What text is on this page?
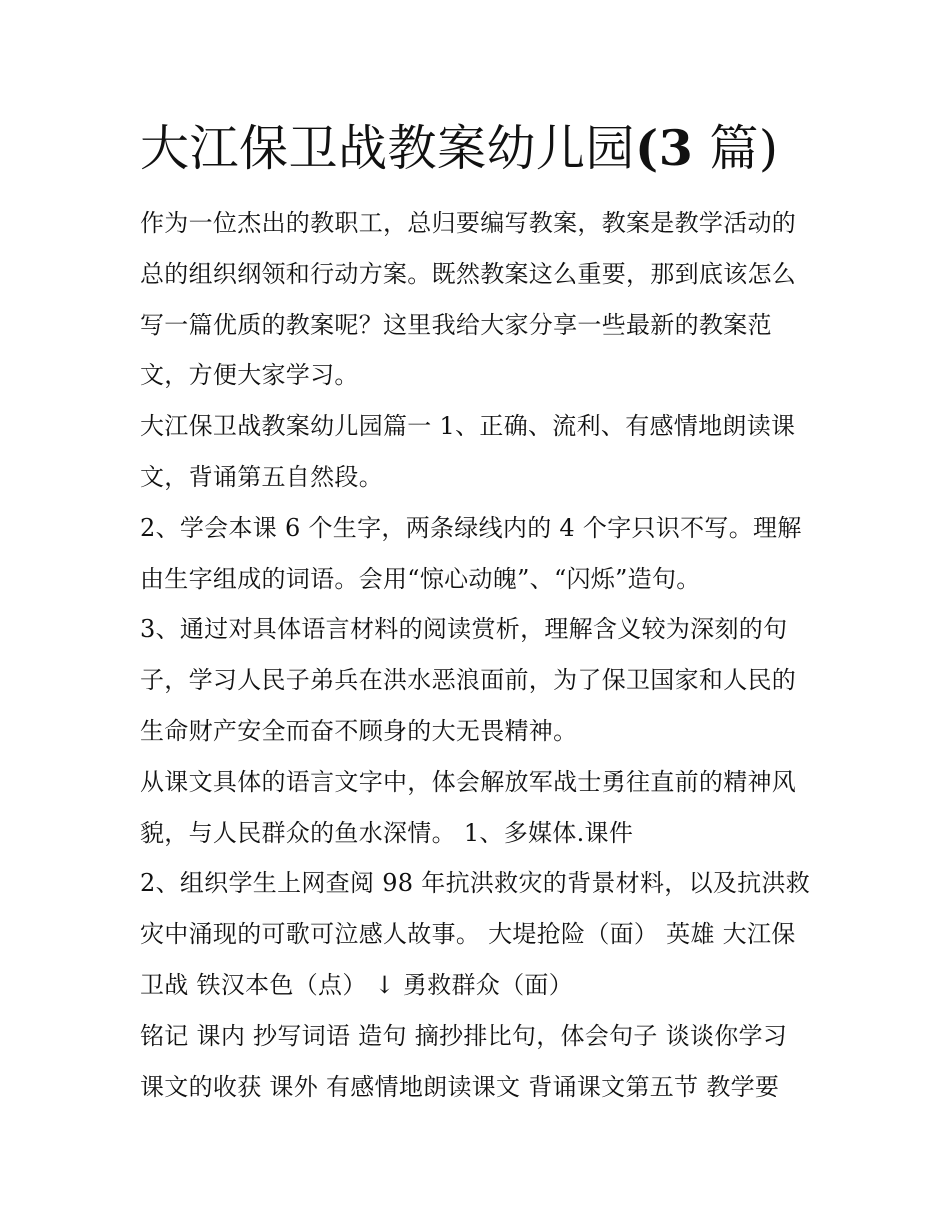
大江保卫战教案幼儿园(3 篇)
作为一位杰出的教职工，总归要编写教案，教案是教学活动的
总的组织纲领和行动方案。既然教案这么重要，那到底该怎么
写一篇优质的教案呢？这里我给大家分享一些最新的教案范
文，方便大家学习。
大江保卫战教案幼儿园篇一 1、正确、流利、有感情地朗读课
文，背诵第五自然段。
2、学会本课 6 个生字，两条绿线内的 4 个字只识不写。理解
由生字组成的词语。会用“惊心动魄”、“闪烁”造句。
3、通过对具体语言材料的阅读赏析，理解含义较为深刻的句
子，学习人民子弟兵在洪水恶浪面前，为了保卫国家和人民的
生命财产安全而奋不顾身的大无畏精神。
从课文具体的语言文字中，体会解放军战士勇往直前的精神风
貌，与人民群众的鱼水深情。 1、多媒体.课件
2、组织学生上网查阅 98 年抗洪救灾的背景材料，以及抗洪救
灾中涌现的可歌可泣感人故事。 大堤抢险（面） 英雄 大江保
卫战 铁汉本色（点） ↓ 勇救群众（面）
铭记 课内 抄写词语 造句 摘抄排比句，体会句子 谈谈你学习
课文的收获 课外 有感情地朗读课文 背诵课文第五节 教学要
